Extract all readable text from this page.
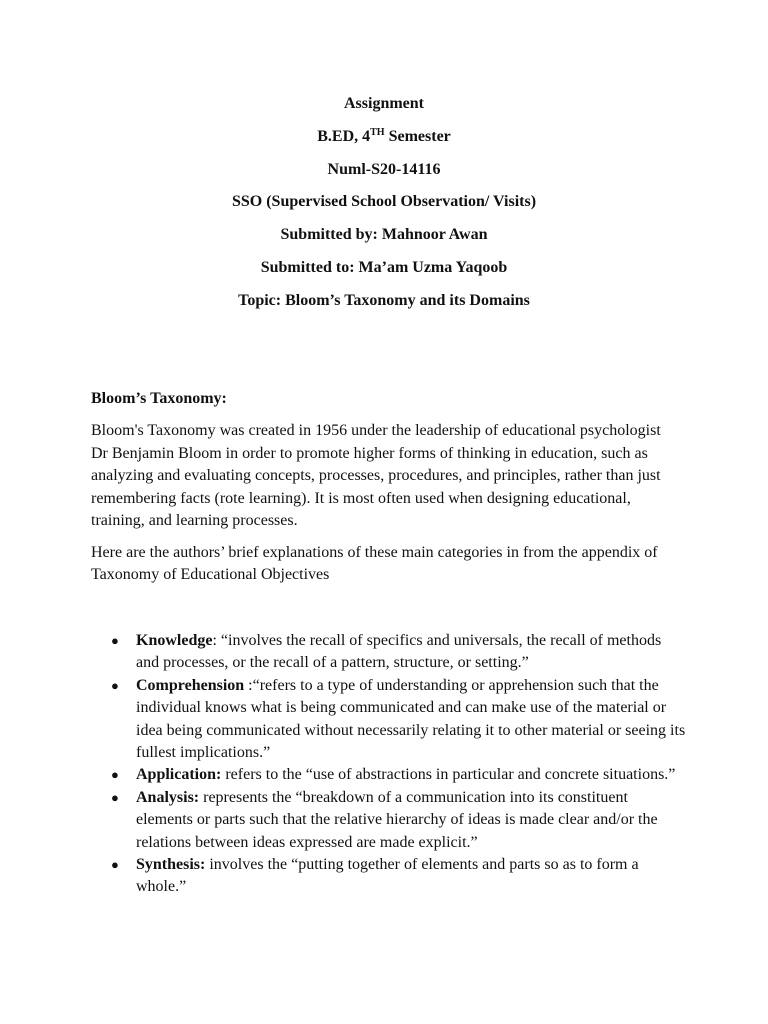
Assignment
B.ED, 4TH Semester
Numl-S20-14116
SSO (Supervised School Observation/ Visits)
Submitted by: Mahnoor Awan
Submitted to: Ma’am Uzma Yaqoob
Topic: Bloom’s Taxonomy and its Domains
Bloom’s Taxonomy:
Bloom's Taxonomy was created in 1956 under the leadership of educational psychologist Dr Benjamin Bloom in order to promote higher forms of thinking in education, such as analyzing and evaluating concepts, processes, procedures, and principles, rather than just remembering facts (rote learning). It is most often used when designing educational, training, and learning processes.
Here are the authors’ brief explanations of these main categories in from the appendix of Taxonomy of Educational Objectives
● Knowledge: “involves the recall of specifics and universals, the recall of methods and processes, or the recall of a pattern, structure, or setting.”
● Comprehension :“refers to a type of understanding or apprehension such that the individual knows what is being communicated and can make use of the material or idea being communicated without necessarily relating it to other material or seeing its fullest implications.”
● Application: refers to the “use of abstractions in particular and concrete situations.”
● Analysis: represents the “breakdown of a communication into its constituent elements or parts such that the relative hierarchy of ideas is made clear and/or the relations between ideas expressed are made explicit.”
● Synthesis: involves the “putting together of elements and parts so as to form a whole.”
